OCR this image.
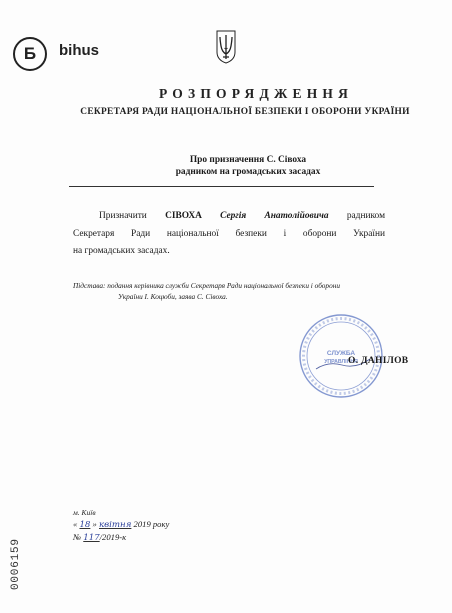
Б bihus
РОЗПОРЯДЖЕННЯ
СЕКРЕТАРЯ РАДИ НАЦІОНАЛЬНОЇ БЕЗПЕКИ І ОБОРОНИ УКРАЇНИ
Про призначення С. Сівоха
радником на громадських засадах
Призначити СІВОХА Сергія Анатолійовича радником
Секретаря Ради національної безпеки і оборони України
на громадських засадах.
Підстава: подання керівника служби Секретаря Ради національної безпеки і оборони
України І. Коцюби, заява С. Сівоха.
СЛУЖБА
УПРАВЛІННЯ
О. ДАНІЛОВ
м. Київ
« 18 » квітня 2019 року
№ 117/2019-к
0006159
